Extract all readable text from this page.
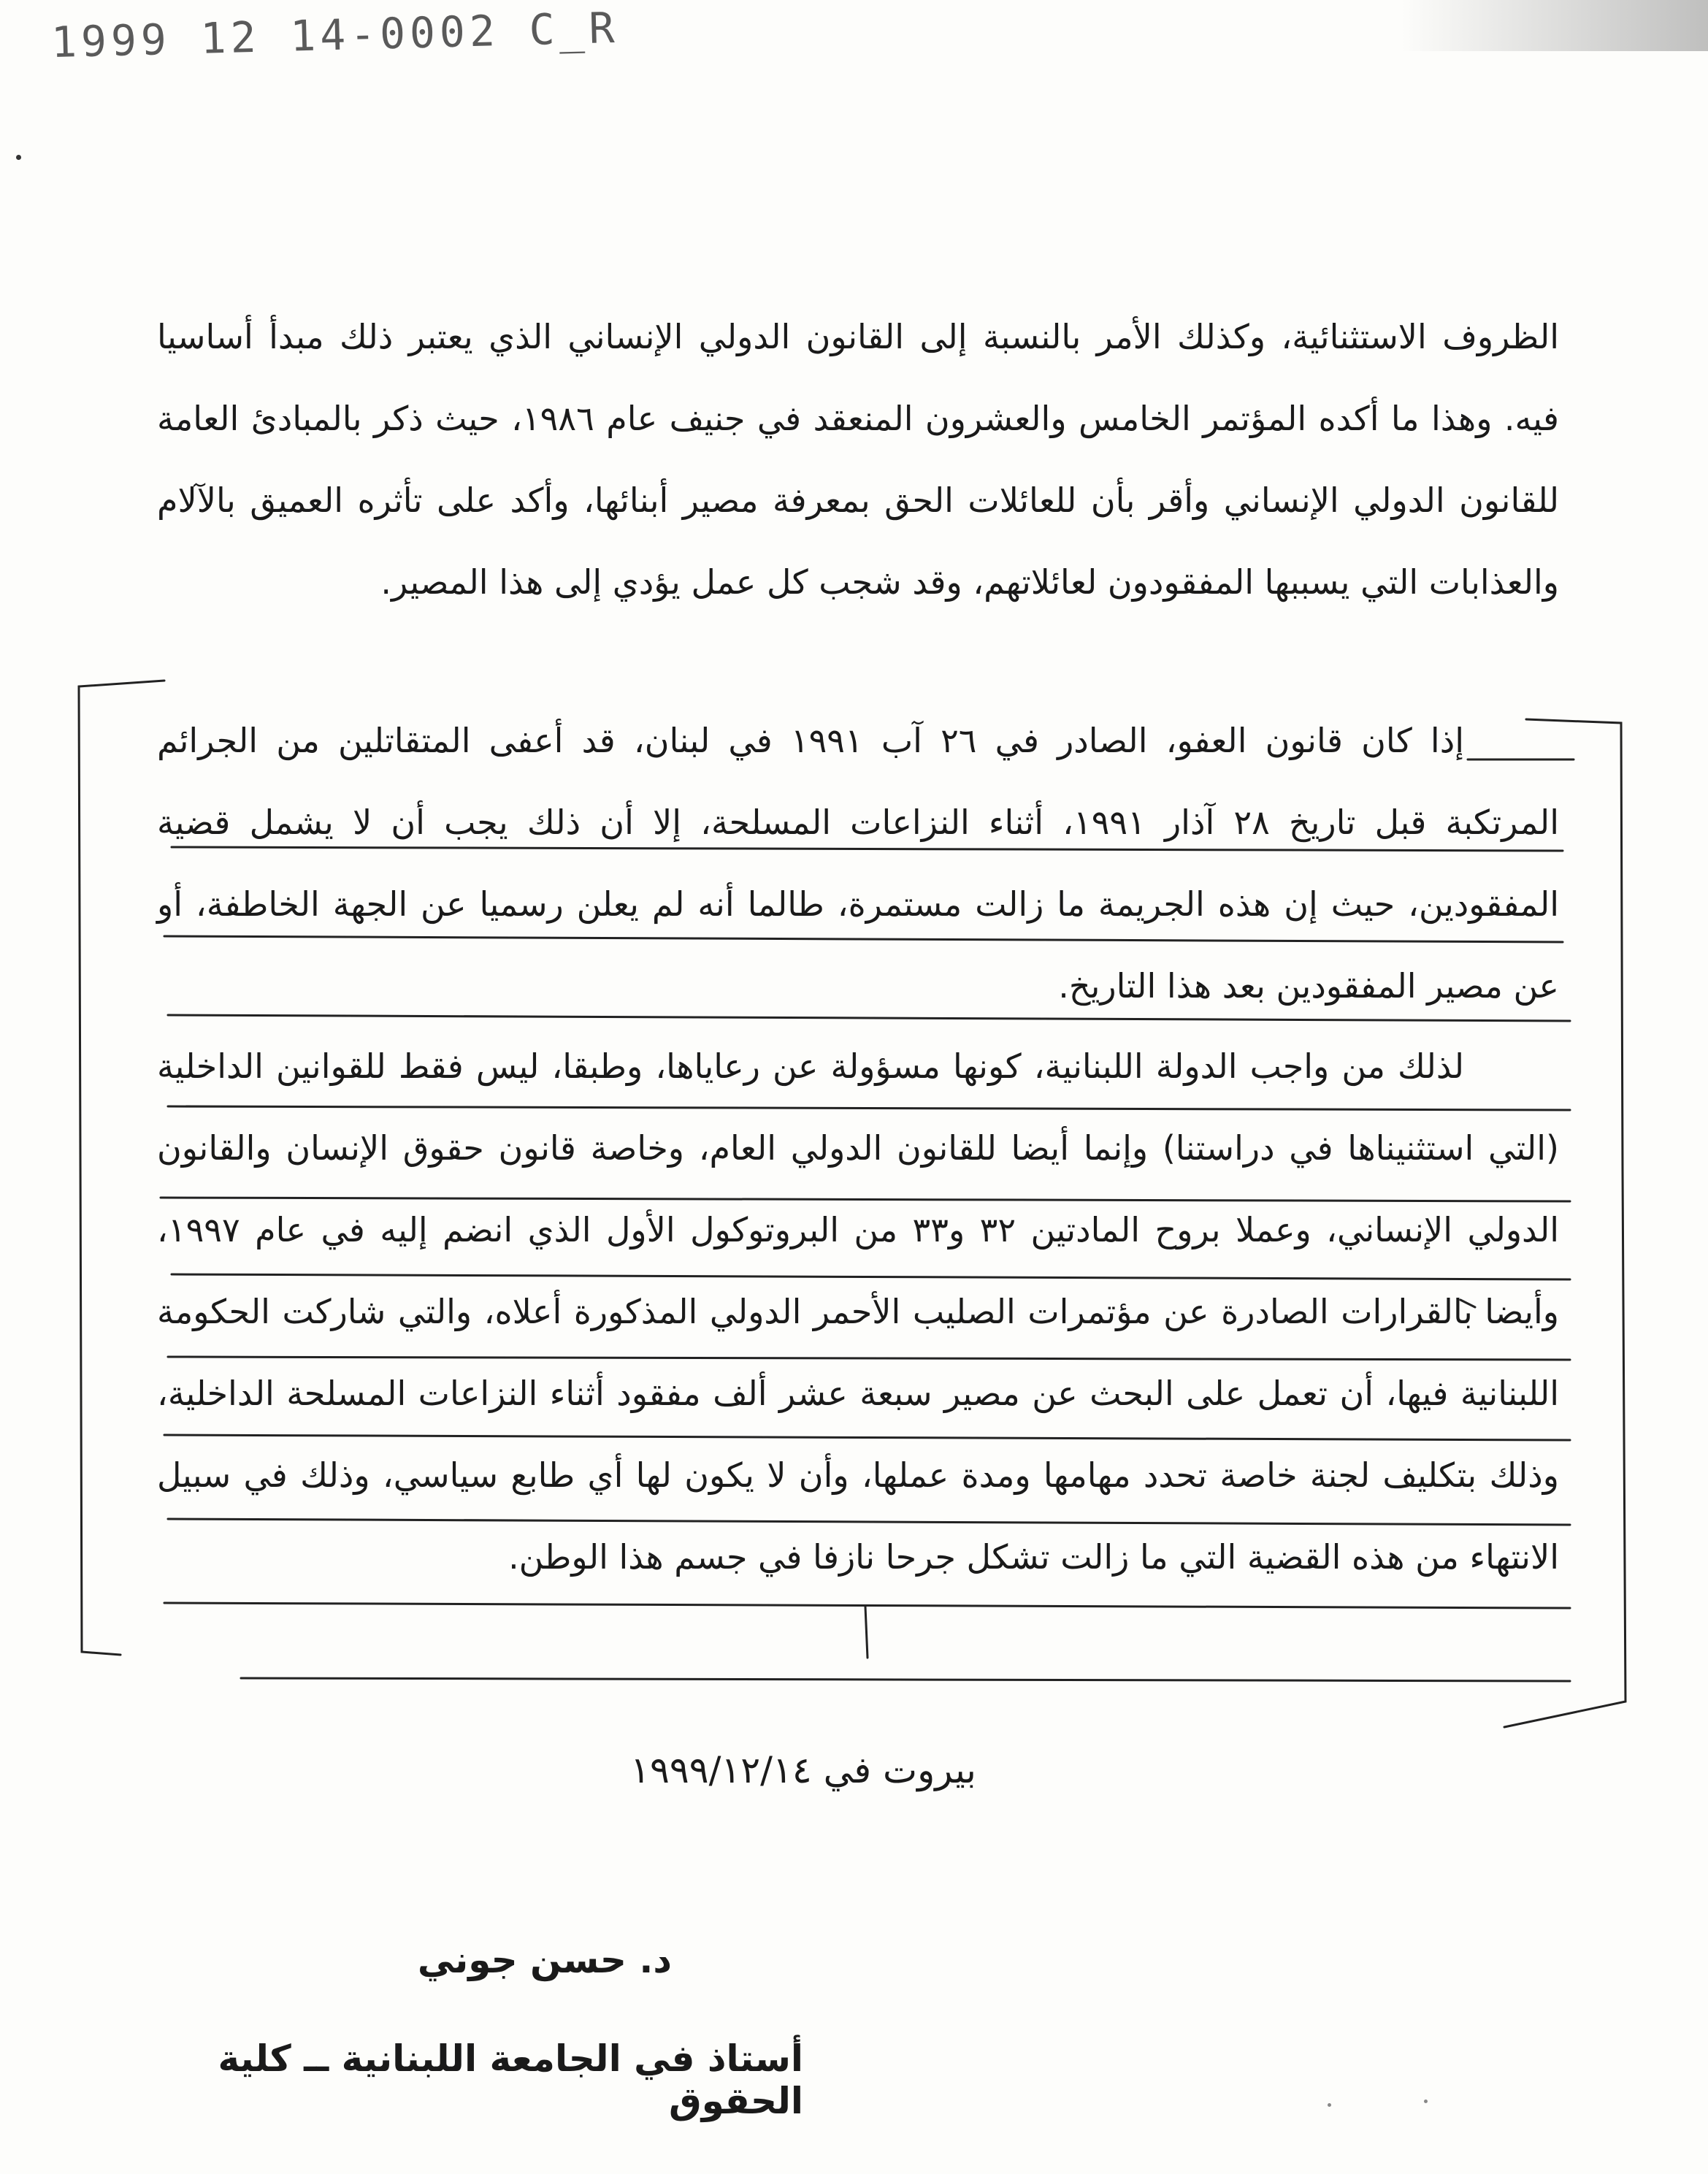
1999 12 14-0002 C_R
الظروف الاستثنائية، وكذلك الأمر بالنسبة إلى القانون الدولي الإنساني الذي يعتبر ذلك مبدأ أساسيا فيه. وهذا ما أكده المؤتمر الخامس والعشرون المنعقد في جنيف عام ١٩٨٦، حيث ذكر بالمبادئ العامة للقانون الدولي الإنساني وأقر بأن للعائلات الحق بمعرفة مصير أبنائها، وأكد على تأثره العميق بالآلام والعذابات التي يسببها المفقودون لعائلاتهم، وقد شجب كل عمل يؤدي إلى هذا المصير.
إذا كان قانون العفو، الصادر في ٢٦ آب ١٩٩١ في لبنان، قد أعفى المتقاتلين من الجرائم المرتكبة قبل تاريخ ٢٨ آذار ١٩٩١، أثناء النزاعات المسلحة، إلا أن ذلك يجب أن لا يشمل قضية المفقودين، حيث إن هذه الجريمة ما زالت مستمرة، طالما أنه لم يعلن رسميا عن الجهة الخاطفة، أو عن مصير المفقودين بعد هذا التاريخ.
لذلك من واجب الدولة اللبنانية، كونها مسؤولة عن رعاياها، وطبقا، ليس فقط للقوانين الداخلية (التي استثنيناها في دراستنا) وإنما أيضا للقانون الدولي العام، وخاصة قانون حقوق الإنسان والقانون الدولي الإنساني، وعملا بروح المادتين ٣٢ و٣٣ من البروتوكول الأول الذي انضم إليه في عام ١٩٩٧، وأيضا بالقرارات الصادرة عن مؤتمرات الصليب الأحمر الدولي المذكورة أعلاه، والتي شاركت الحكومة اللبنانية فيها، أن تعمل على البحث عن مصير سبعة عشر ألف مفقود أثناء النزاعات المسلحة الداخلية، وذلك بتكليف لجنة خاصة تحدد مهامها ومدة عملها، وأن لا يكون لها أي طابع سياسي، وذلك في سبيل الانتهاء من هذه القضية التي ما زالت تشكل جرحا نازفا في جسم هذا الوطن.
بيروت في ١٩٩٩/١٢/١٤
د. حسن جوني
أستاذ في الجامعة اللبنانية ــ كلية الحقوق
